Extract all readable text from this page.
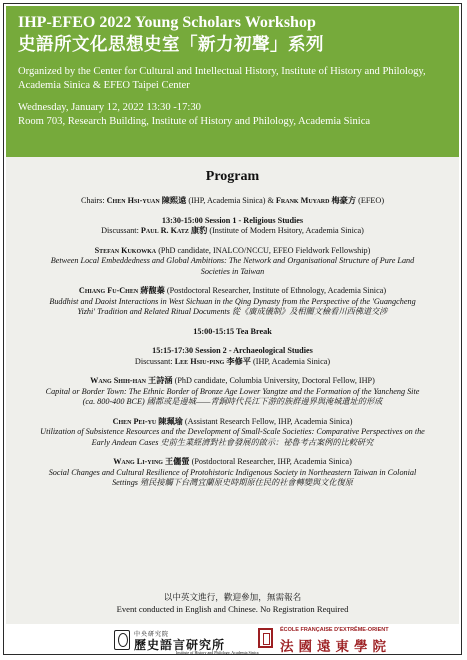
IHP-EFEO 2022 Young Scholars Workshop
史語所文化思想史室「新力初聲」系列
Organized by the Center for Cultural and Intellectual History, Institute of History and Philology, Academia Sinica & EFEO Taipei Center
Wednesday, January 12, 2022 13:30 -17:30
Room 703, Research Building, Institute of History and Philology, Academia Sinica
Program
Chairs: Chen Hsi-yuan 陳熙遠 (IHP, Academia Sinica) & Frank Muyard 梅豪方 (EFEO)
13:30-15:00 Session 1 - Religious Studies
Discussant: Paul R. Katz 康豹 (Institute of Modern Hsitory, Academia Sinica)
Stefan Kukowka (PhD candidate, INALCO/NCCU, EFEO Fieldwork Fellowship)
Between Local Embeddedness and Global Ambitions: The Network and Organisational Structure of Pure Land
Societies in Taiwan
Chiang Fu-Chen 蔣馥蓁 (Postdoctoral Researcher, Institute of Ethnology, Academia Sinica)
Buddhist and Daoist Interactions in West Sichuan in the Qing Dynasty from the Perspective of the 'Guangcheng
Yizhi' Tradition and Related Ritual Documents 從《廣成儀制》及相關文檢看川西佛道交涉
15:00-15:15 Tea Break
15:15-17:30 Session 2 - Archaeological Studies
Discussant: Lee Hsiu-ping 李修平 (IHP, Academia Sinica)
Wang Shih-han 王詩涵 (PhD candidate, Columbia University, Doctoral Fellow, IHP)
Capital or Border Town: The Ethnic Border of Bronze Age Lower Yangtze and the Formation of the Yancheng Site
(ca. 800-400 BCE) 國都或是邊城——青銅時代長江下游的族群邊界與淹城遺址的形成
Chen Pei-yu 陳珮瑜 (Assistant Research Fellow, IHP, Academia Sinica)
Utilization of Subsistence Resources and the Development of Small-Scale Societies: Comparative Perspectives on the
Early Andean Cases 史前生業經濟對社會發展的啟示：祕魯考古案例的比較研究
Wang Li-ying 王儷螢 (Postdoctoral Researcher, IHP, Academia Sinica)
Social Changes and Cultural Resilience of Protohistoric Indigenous Society in Northeastern Taiwan in Colonial
Settings 殖民接觸下台灣宜蘭原史時期原住民的社會轉變與文化復原
以中英文進行，歡迎參加，無需報名
Event conducted in English and Chinese. No Registration Required
中央研究院
歷史語言研究所
Institute of History and Philology, Academia Sinica
ÉCOLE FRANÇAISE D'EXTRÊME-ORIENT
法國遠東學院
